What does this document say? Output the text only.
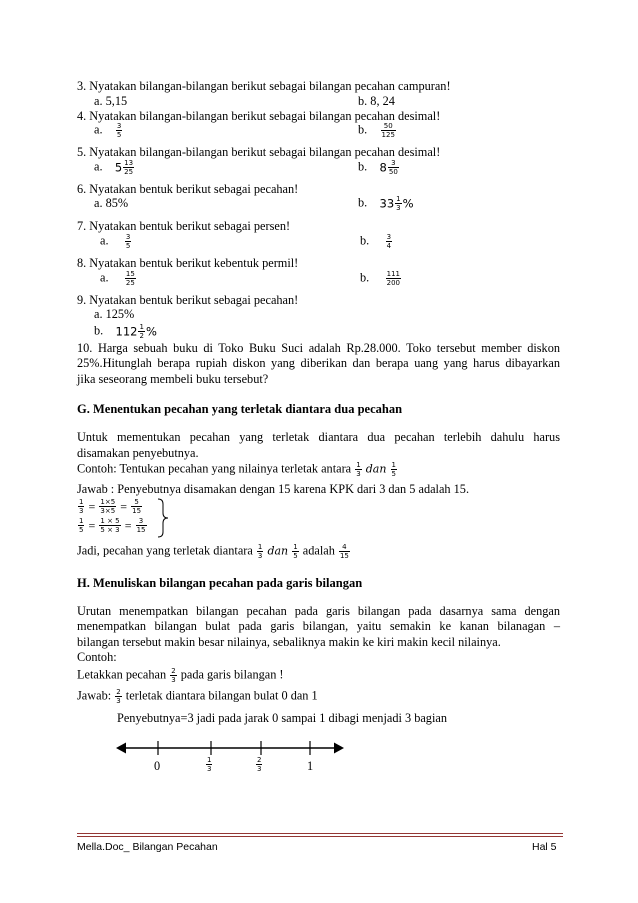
3. Nyatakan bilangan-bilangan berikut sebagai bilangan pecahan campuran!
a. 5,15	b. 8, 24
4. Nyatakan bilangan-bilangan berikut sebagai bilangan pecahan desimal!
a. $\frac{3}{5}$	b. $\frac{50}{125}$
5. Nyatakan bilangan-bilangan berikut sebagai bilangan pecahan desimal!
a. $5 \frac{13}{25}$	b. $8 \frac{3}{50}$
6. Nyatakan bentuk berikut sebagai pecahan!
a. 85%	b. $33 \frac{1}{3}$ %
7. Nyatakan bentuk berikut sebagai persen!
a. $\frac{3}{5}$	b. $\frac{3}{4}$
8. Nyatakan bentuk berikut kebentuk permil!
a. $\frac{15}{25}$	b. $\frac{111}{200}$
9. Nyatakan bentuk berikut sebagai pecahan!
a. 125%
b. $112 \frac{1}{2}$ %
10. Harga sebuah buku di Toko Buku Suci adalah Rp.28.000. Toko tersebut member diskon
25%.Hitunglah berapa rupiah diskon yang diberikan dan berapa uang yang harus dibayarkan
jika seseorang membeli buku tersebut?
G. Menentukan pecahan yang terletak diantara dua pecahan
Untuk mementukan pecahan yang terletak diantara dua pecahan terlebih dahulu harus
disamakan penyebutnya.
Contoh: Tentukan pecahan yang nilainya terletak antara $\frac{1}{3}$ dan $\frac{1}{5}$
Jawab : Penyebutnya disamakan dengan 15 karena KPK dari 3 dan 5 adalah 15.
$\frac{1}{3} = \frac{1\times 5}{3\times 5} = \frac{5}{15}$
$\frac{1}{5} = \frac{1 \times 5}{5 \times 3} = \frac{3}{15}$
Jadi, pecahan yang terletak diantara $\frac{1}{3}$ dan $\frac{1}{5}$ adalah $\frac{4}{15}$
H. Menuliskan bilangan pecahan pada garis bilangan
Urutan menempatkan bilangan pecahan pada garis bilangan pada dasarnya sama dengan
menempatkan bilangan bulat pada garis bilangan, yaitu semakin ke kanan bilanagan –
bilangan tersebut makin besar nilainya, sebaliknya makin ke kiri makin kecil nilainya.
Contoh:
Letakkan pecahan $\frac{2}{3}$ pada garis bilangan !
Jawab: $\frac{2}{3}$ terletak diantara bilangan bulat 0 dan 1
Penyebutnya=3 jadi pada jarak 0 sampai 1 dibagi menjadi 3 bagian
0	$\frac{1}{3}$	$\frac{2}{3}$	1
Mella.Doc_ Bilangan Pecahan	Hal 5
